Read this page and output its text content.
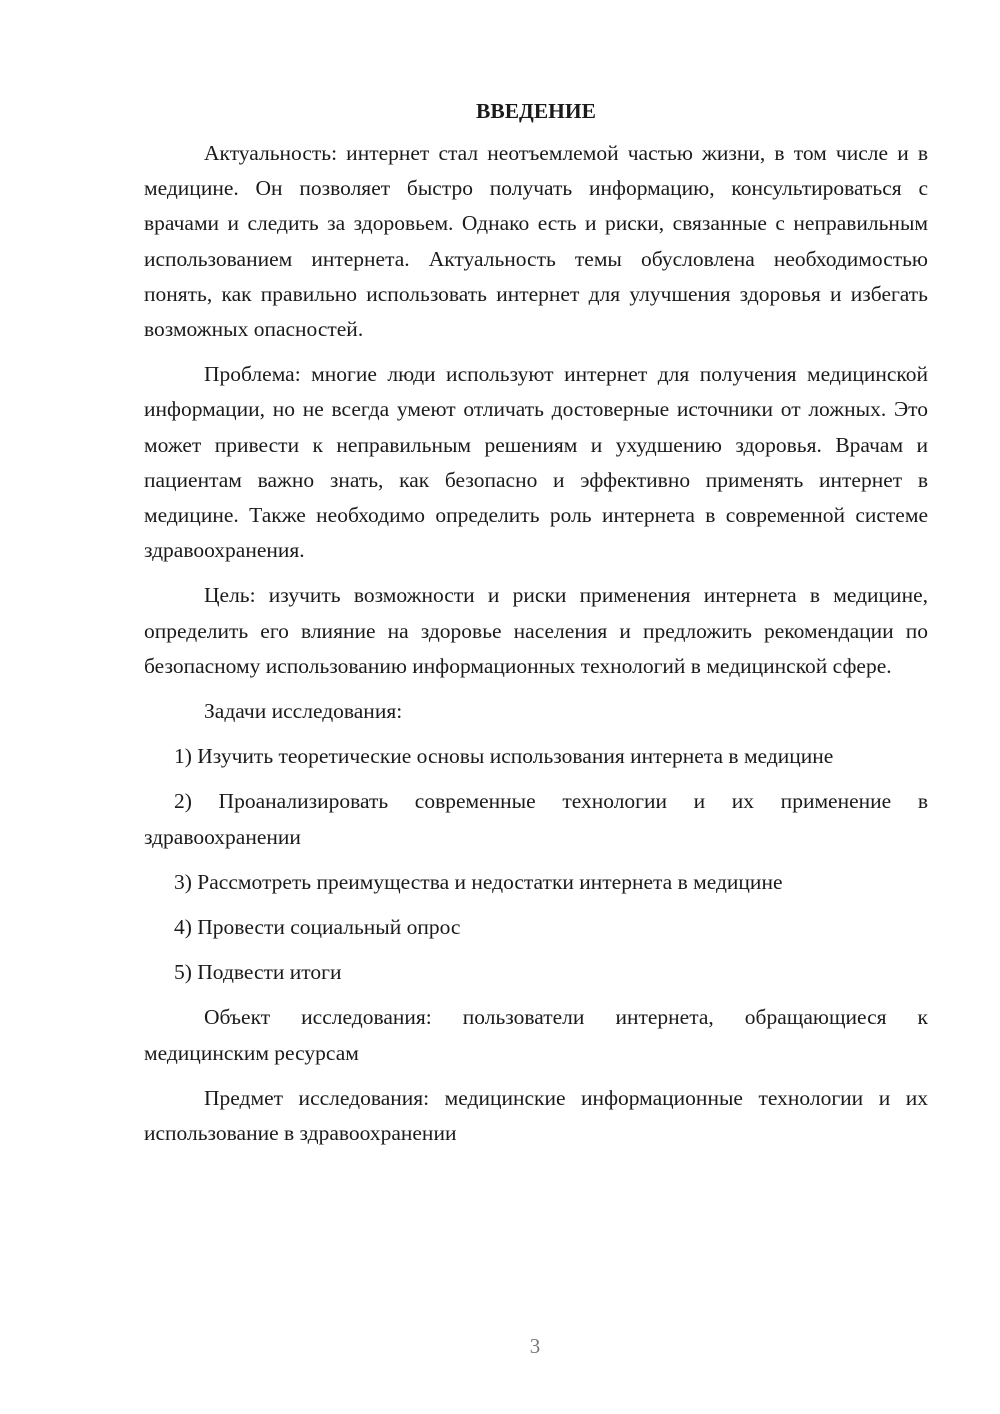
ВВЕДЕНИЕ

Актуальность: интернет стал неотъемлемой частью жизни, в том числе и в медицине. Он позволяет быстро получать информацию, консультироваться с врачами и следить за здоровьем. Однако есть и риски, связанные с неправильным использованием интернета. Актуальность темы обусловлена необходимостью понять, как правильно использовать интернет для улучшения здоровья и избегать возможных опасностей.

Проблема: многие люди используют интернет для получения медицинской информации, но не всегда умеют отличать достоверные источники от ложных. Это может привести к неправильным решениям и ухудшению здоровья. Врачам и пациентам важно знать, как безопасно и эффективно применять интернет в медицине. Также необходимо определить роль интернета в современной системе здравоохранения.

Цель: изучить возможности и риски применения интернета в медицине, определить его влияние на здоровье населения и предложить рекомендации по безопасному использованию информационных технологий в медицинской сфере.

Задачи исследования:

1) Изучить теоретические основы использования интернета в медицине

2) Проанализировать современные технологии и их применение в здравоохранении

3) Рассмотреть преимущества и недостатки интернета в медицине

4) Провести социальный опрос

5) Подвести итоги

Объект исследования: пользователи интернета, обращающиеся к медицинским ресурсам

Предмет исследования: медицинские информационные технологии и их использование в здравоохранении

3
